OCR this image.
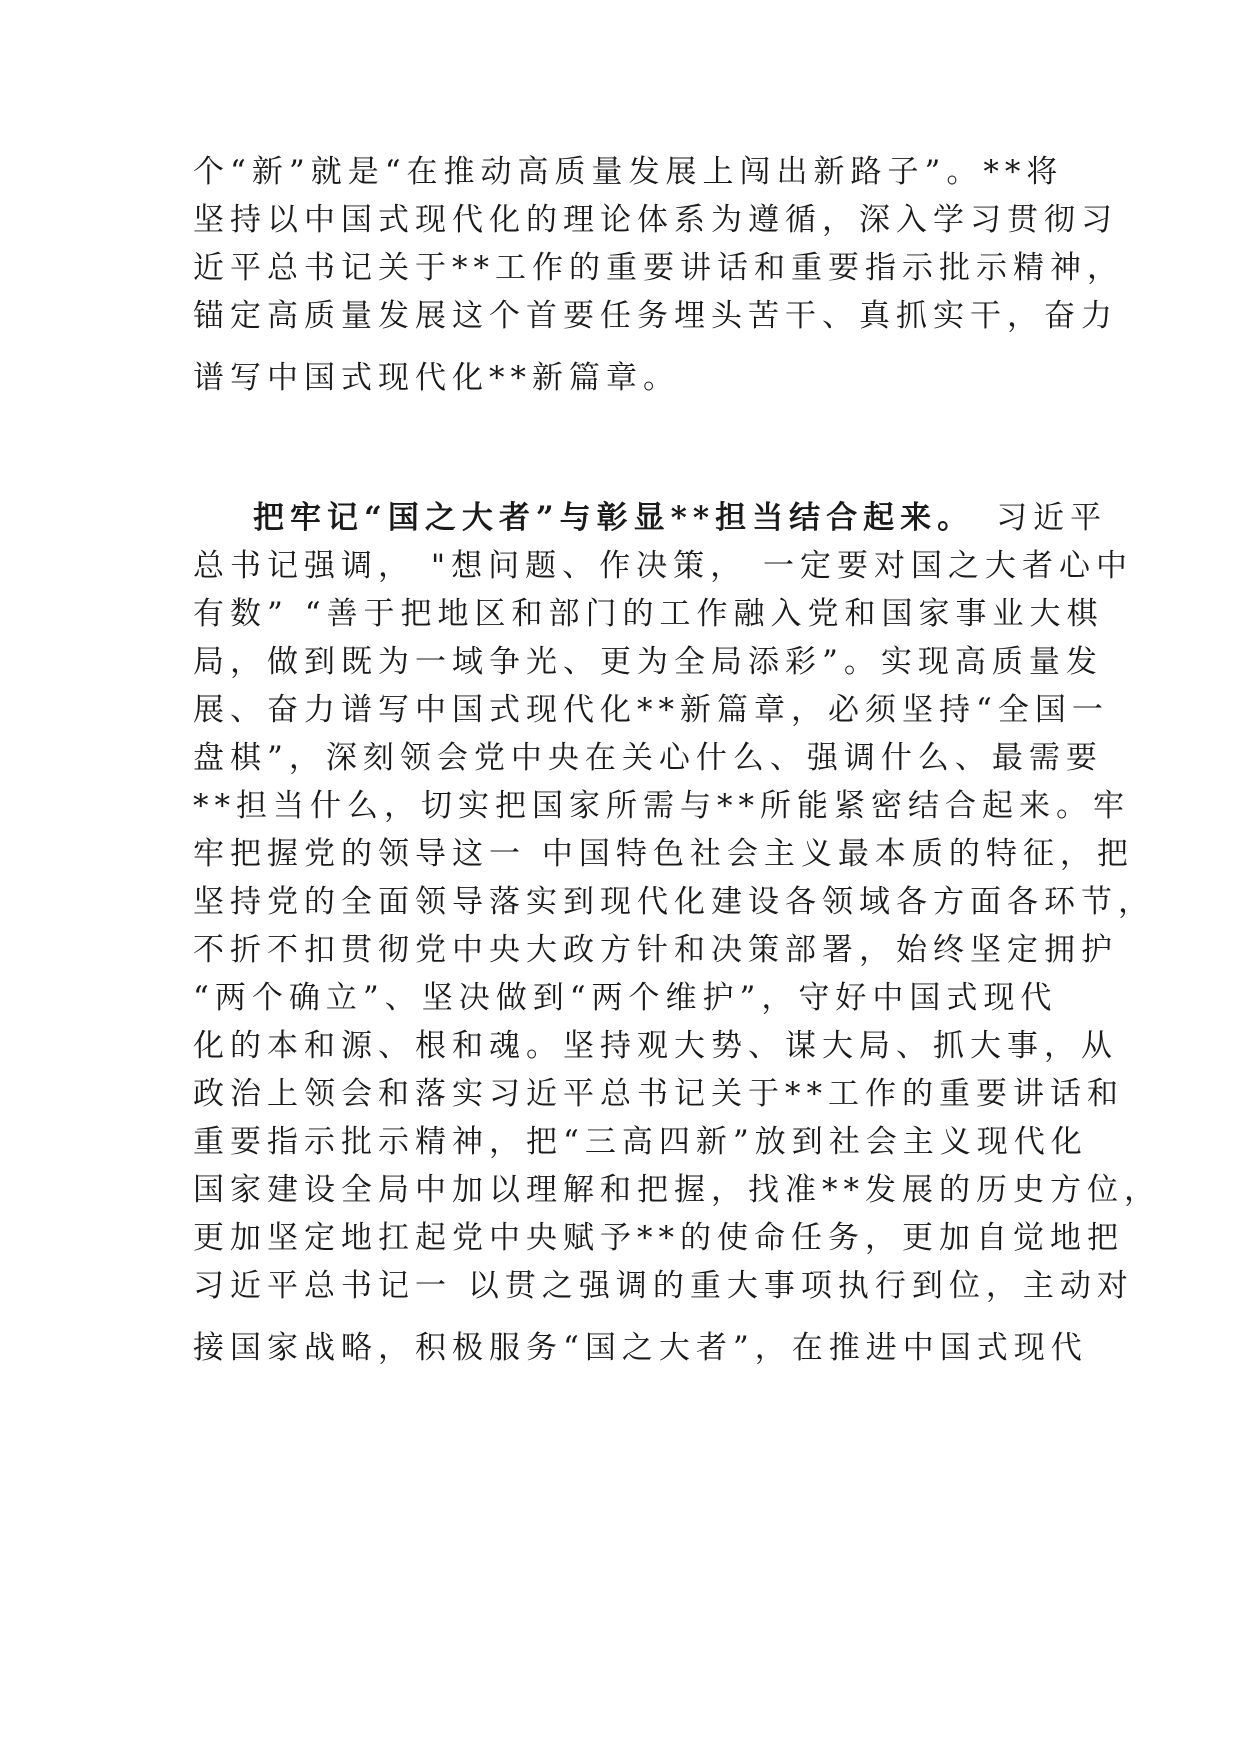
个“新”就是“在推动高质量发展上闯出新路子”。**将
坚持以中国式现代化的理论体系为遵循，深入学习贯彻习
近平总书记关于**工作的重要讲话和重要指示批示精神，
锚定高质量发展这个首要任务埋头苦干、真抓实干，奋力
谱写中国式现代化**新篇章。
把牢记“国之大者”与彰显**担当结合起来。 习近平
总书记强调， "想问题、作决策， 一定要对国之大者心中
有数” “善于把地区和部门的工作融入党和国家事业大棋
局，做到既为一域争光、更为全局添彩”。实现高质量发
展、奋力谱写中国式现代化**新篇章，必须坚持“全国一
盘棋”，深刻领会党中央在关心什么、强调什么、最需要
**担当什么，切实把国家所需与**所能紧密结合起来。牢
牢把握党的领导这一 中国特色社会主义最本质的特征，把
坚持党的全面领导落实到现代化建设各领域各方面各环节，
不折不扣贯彻党中央大政方针和决策部署，始终坚定拥护
“两个确立”、坚决做到“两个维护”，守好中国式现代
化的本和源、根和魂。坚持观大势、谋大局、抓大事，从
政治上领会和落实习近平总书记关于**工作的重要讲话和
重要指示批示精神，把“三高四新”放到社会主义现代化
国家建设全局中加以理解和把握，找准**发展的历史方位，
更加坚定地扛起党中央赋予**的使命任务，更加自觉地把
习近平总书记一 以贯之强调的重大事项执行到位，主动对
接国家战略，积极服务“国之大者”，在推进中国式现代
